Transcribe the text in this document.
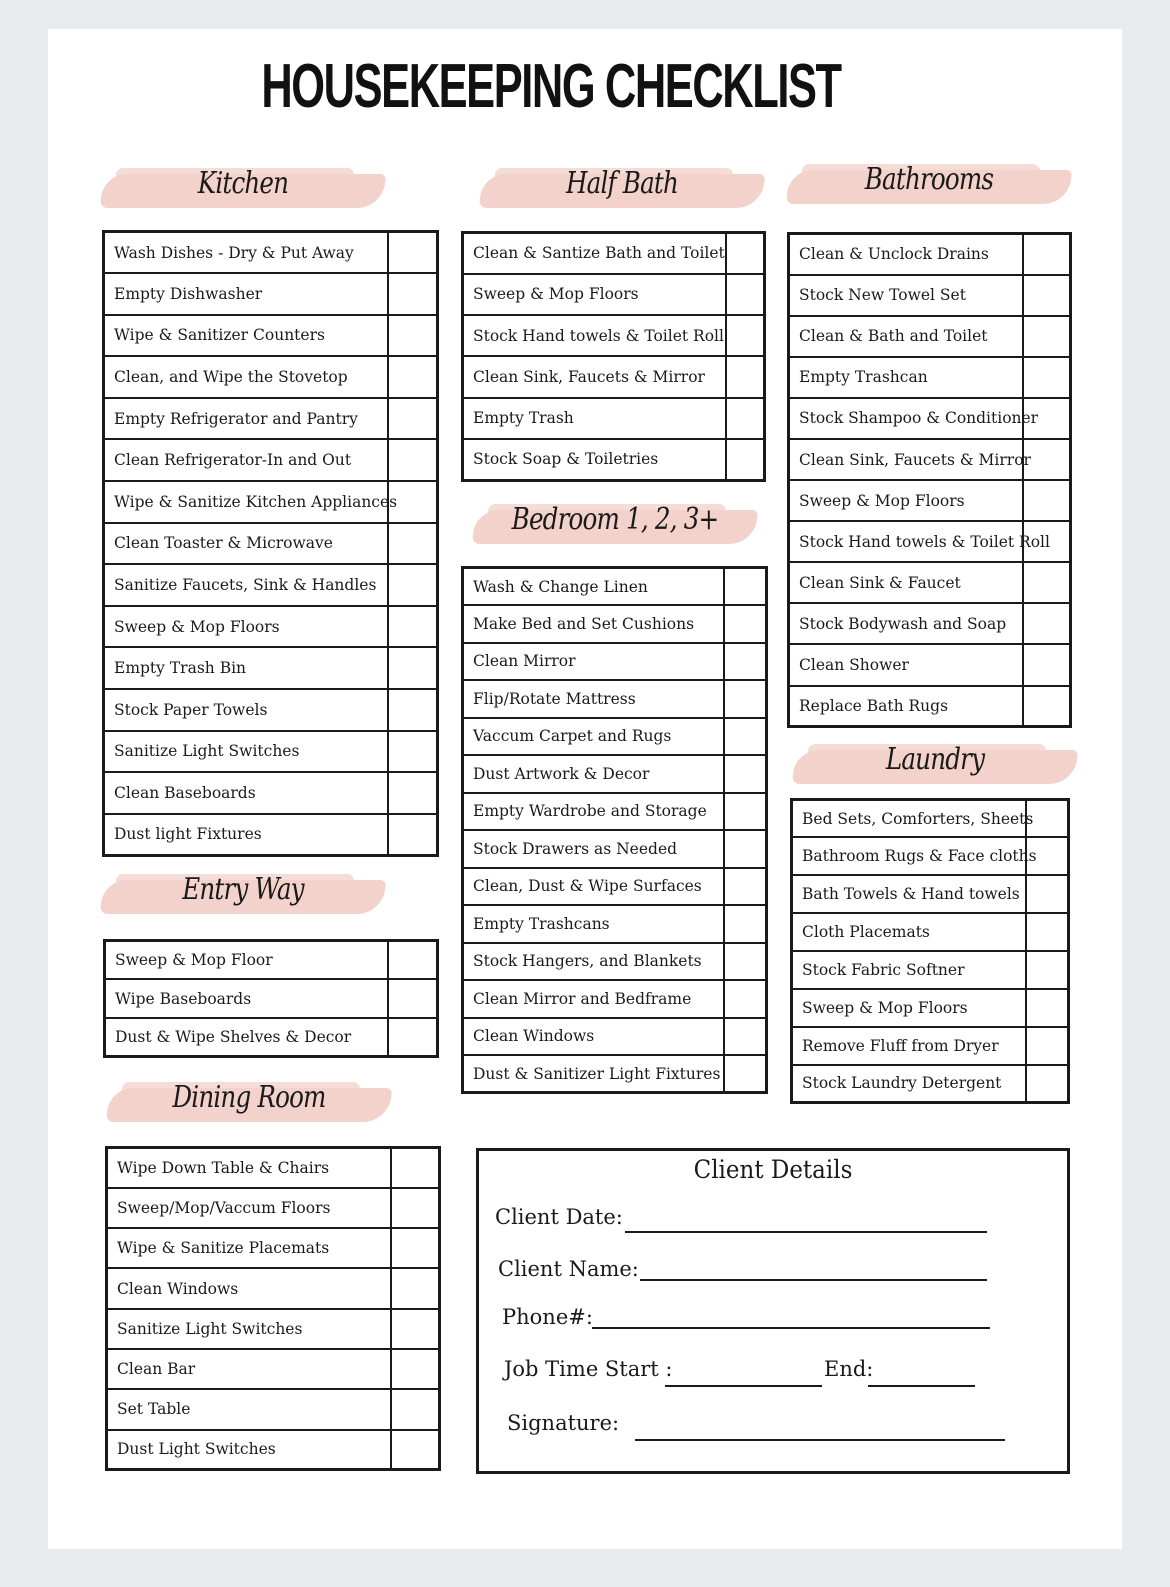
HOUSEKEEPING CHECKLIST
Kitchen	Half Bath	Bathrooms
Bedroom 1, 2, 3+
Entry Way
Laundry
Dining Room
Wash Dishes - Dry & Put Away	
Empty Dishwasher	
Wipe & Sanitizer Counters	
Clean, and Wipe the Stovetop	
Empty Refrigerator and Pantry	
Clean Refrigerator-In and Out	
Wipe & Sanitize Kitchen Appliances	
Clean Toaster & Microwave	
Sanitize Faucets, Sink & Handles	
Sweep & Mop Floors	
Empty Trash Bin	
Stock Paper Towels	
Sanitize Light Switches	
Clean Baseboards	
Dust light Fixtures	
Clean & Santize Bath and Toilet	
Sweep & Mop Floors	
Stock Hand towels & Toilet Roll	
Clean Sink, Faucets & Mirror	
Empty Trash	
Stock Soap & Toiletries	
Clean & Unclock Drains	
Stock New Towel Set	
Clean & Bath and Toilet	
Empty Trashcan	
Stock Shampoo & Conditioner	
Clean Sink, Faucets & Mirror	
Sweep & Mop Floors	
Stock Hand towels & Toilet Roll	
Clean Sink & Faucet	
Stock Bodywash and Soap	
Clean Shower	
Replace Bath Rugs	
Wash & Change Linen	
Make Bed and Set Cushions	
Clean Mirror	
Flip/Rotate Mattress	
Vaccum Carpet and Rugs	
Dust Artwork & Decor	
Empty Wardrobe and Storage	
Stock Drawers as Needed	
Clean, Dust & Wipe Surfaces	
Empty Trashcans	
Stock Hangers, and Blankets	
Clean Mirror and Bedframe	
Clean Windows	
Dust & Sanitizer Light Fixtures	
Sweep & Mop Floor	
Wipe Baseboards	
Dust & Wipe Shelves & Decor	
Bed Sets, Comforters, Sheets	
Bathroom Rugs & Face cloths	
Bath Towels & Hand towels	
Cloth Placemats	
Stock Fabric Softner	
Sweep & Mop Floors	
Remove Fluff from Dryer	
Stock Laundry Detergent	
Wipe Down Table & Chairs	
Sweep/Mop/Vaccum Floors	
Wipe & Sanitize Placemats	
Clean Windows	
Sanitize Light Switches	
Clean Bar	
Set Table	
Dust Light Switches	
Client Details
Client Date:
Client Name:
Phone#:
Job Time Start :	End:
Signature:
